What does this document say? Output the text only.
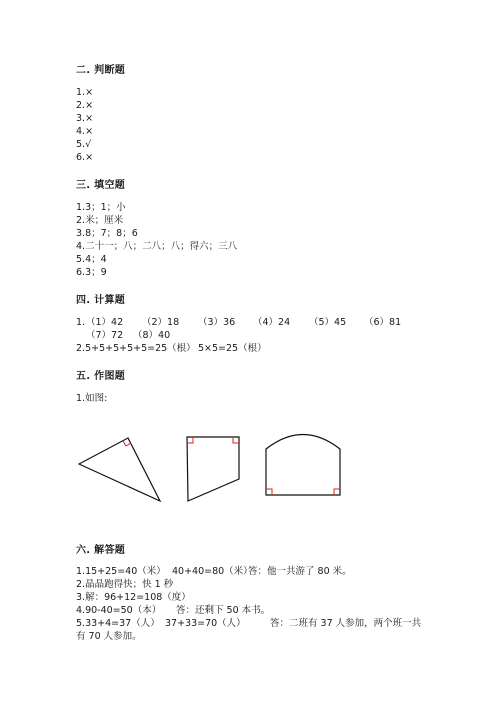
二. 判断题
1.×
2.×
3.×
4.×
5.√
6.×
三. 填空题
1.3；1；小
2.米；厘米
3.8；7；8；6
4.二十一；八；二八；八；得六；三八
5.4；4
6.3；9
四. 计算题
1. （1）42 （2）18 （3）36 （4）24 （5）45 （6）81
（7）72 （8）40
2.5+5+5+5+5=25（根） 5×5=25（根）
五. 作图题
1.如图:
六. 解答题
1.15+25=40（米） 40+40=80（米）
答：他一共游了 80 米。
2.晶晶跑得快；快 1 秒
3.解：96+12=108（度）
4.90-40=50（本） 答：还剩下 50 本书。
5.33+4=37（人） 37+33=70（人）	答：二班有 37 人参加，两个班一共
有 70 人参加。
